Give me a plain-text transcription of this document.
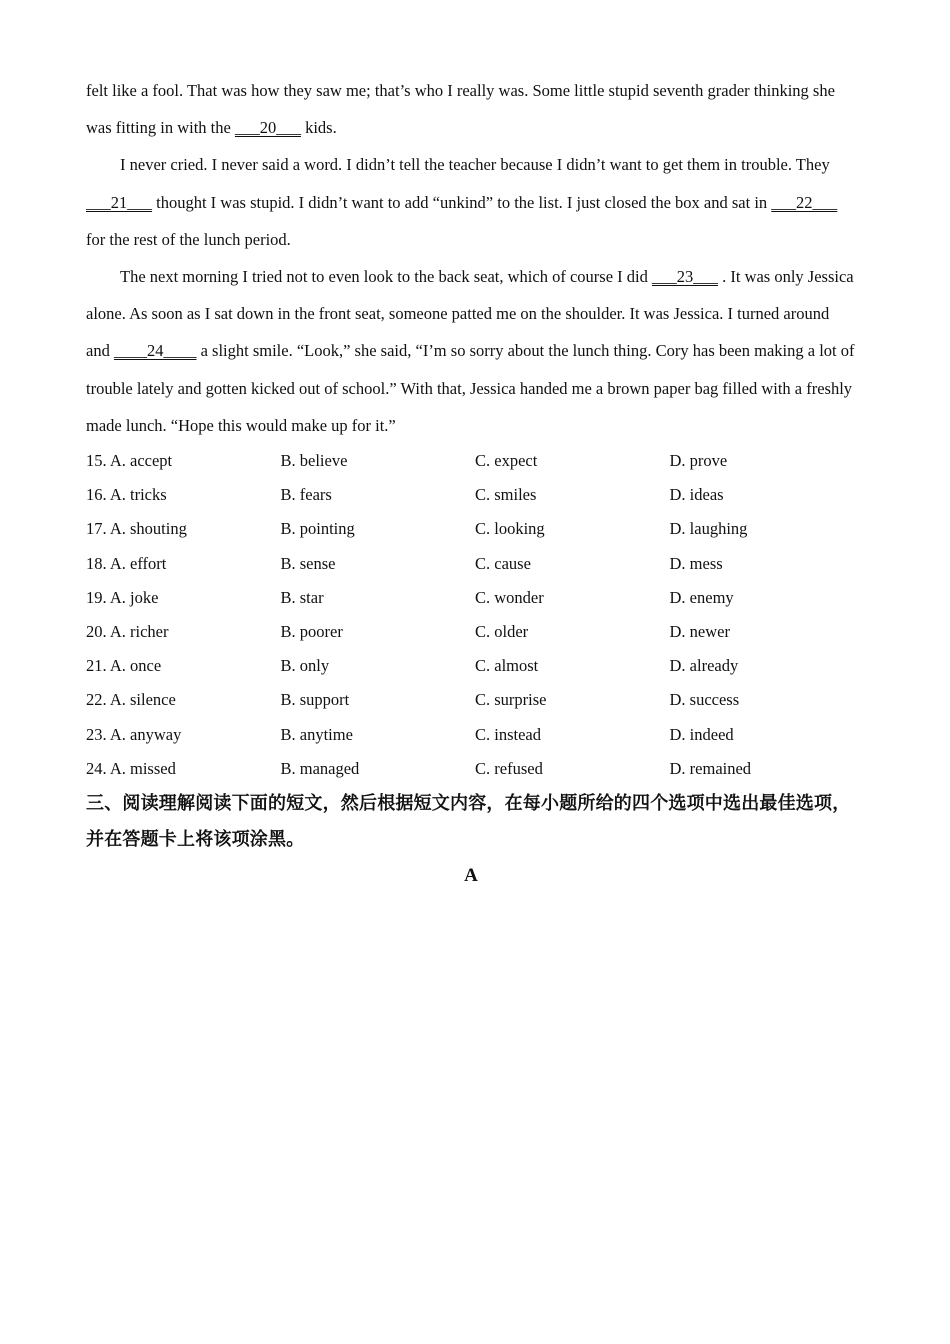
felt like a fool. That was how they saw me; that’s who I really was. Some little stupid seventh grader thinking she was fitting in with the ___20___ kids.

I never cried. I never said a word. I didn’t tell the teacher because I didn’t want to get them in trouble. They ___21___ thought I was stupid. I didn’t want to add “unkind” to the list. I just closed the box and sat in ___22___ for the rest of the lunch period.

The next morning I tried not to even look to the back seat, which of course I did ___23___ . It was only Jessica alone. As soon as I sat down in the front seat, someone patted me on the shoulder. It was Jessica. I turned around and ____24____ a slight smile. “Look,” she said, “I’m so sorry about the lunch thing. Cory has been making a lot of trouble lately and gotten kicked out of school.” With that, Jessica handed me a brown paper bag filled with a freshly made lunch. “Hope this would make up for it.”

15. A. accept	B. believe	C. expect	D. prove
16. A. tricks	B. fears	C. smiles	D. ideas
17. A. shouting	B. pointing	C. looking	D. laughing
18. A. effort	B. sense	C. cause	D. mess
19. A. joke	B. star	C. wonder	D. enemy
20. A. richer	B. poorer	C. older	D. newer
21. A. once	B. only	C. almost	D. already
22. A. silence	B. support	C. surprise	D. success
23. A. anyway	B. anytime	C. instead	D. indeed
24. A. missed	B. managed	C. refused	D. remained

三、阅读理解阅读下面的短文，然后根据短文内容，在每小题所给的四个选项中选出最佳选项，并在答题卡上将该项涂黑。

A
